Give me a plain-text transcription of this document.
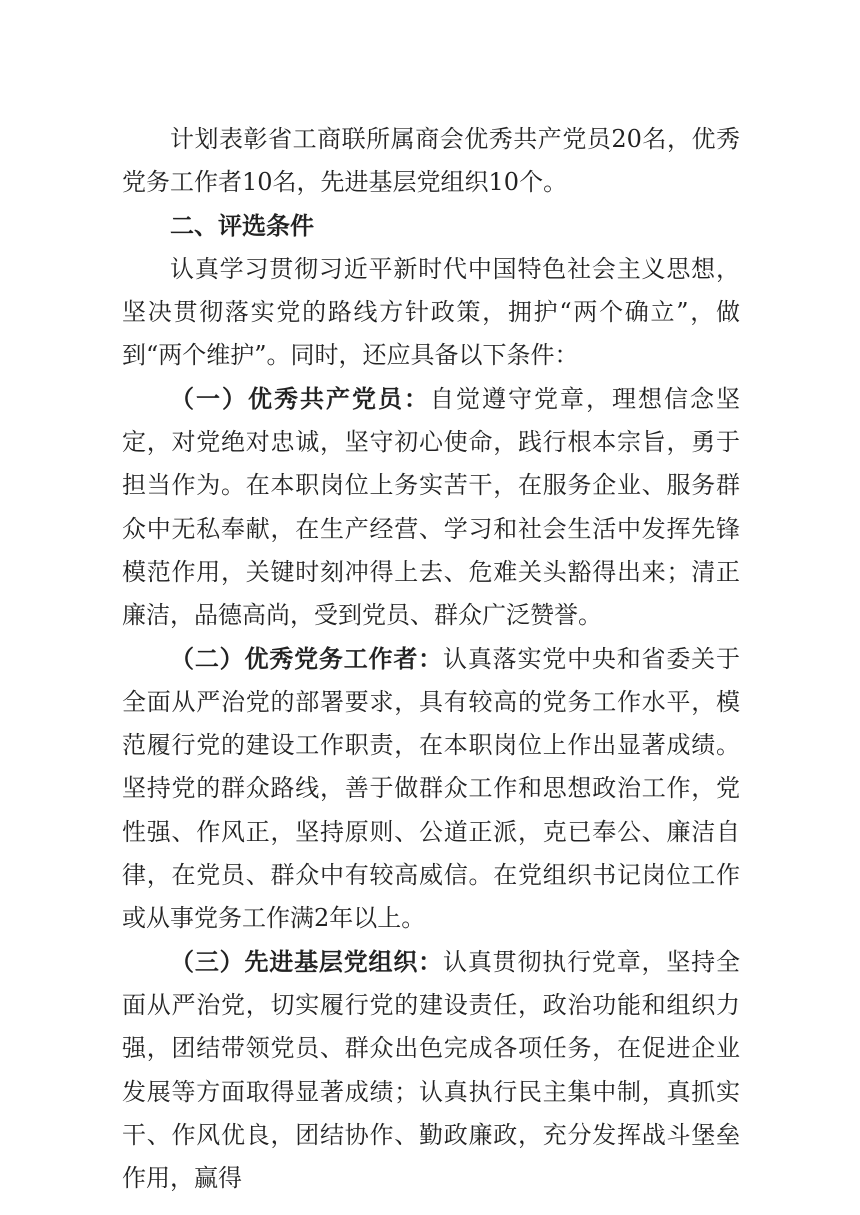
计划表彰省工商联所属商会优秀共产党员20名，优秀党务工作者10名，先进基层党组织10个。

二、评选条件

认真学习贯彻习近平新时代中国特色社会主义思想，坚决贯彻落实党的路线方针政策，拥护“两个确立”，做到“两个维护”。同时，还应具备以下条件：

（一）优秀共产党员：自觉遵守党章，理想信念坚定，对党绝对忠诚，坚守初心使命，践行根本宗旨，勇于担当作为。在本职岗位上务实苦干，在服务企业、服务群众中无私奉献，在生产经营、学习和社会生活中发挥先锋模范作用，关键时刻冲得上去、危难关头豁得出来；清正廉洁，品德高尚，受到党员、群众广泛赞誉。

（二）优秀党务工作者：认真落实党中央和省委关于全面从严治党的部署要求，具有较高的党务工作水平，模范履行党的建设工作职责，在本职岗位上作出显著成绩。坚持党的群众路线，善于做群众工作和思想政治工作，党性强、作风正，坚持原则、公道正派，克已奉公、廉洁自律，在党员、群众中有较高威信。在党组织书记岗位工作或从事党务工作满2年以上。

（三）先进基层党组织：认真贯彻执行党章，坚持全面从严治党，切实履行党的建设责任，政治功能和组织力强，团结带领党员、群众出色完成各项任务，在促进企业发展等方面取得显著成绩；认真执行民主集中制，真抓实干、作风优良，团结协作、勤政廉政，充分发挥战斗堡垒作用，赢得
